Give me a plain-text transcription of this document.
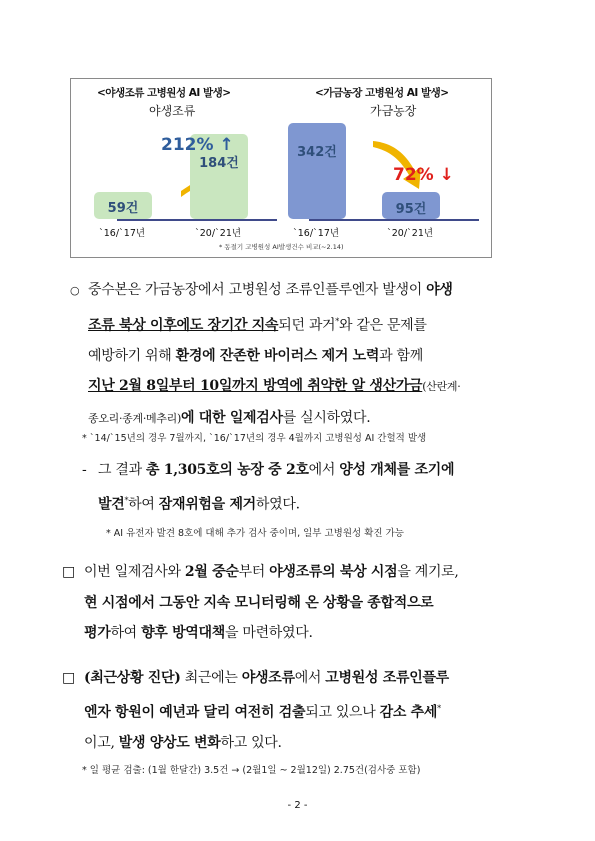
<야생조류 고병원성 AI 발생>
야생조류
<가금농장 고병원성 AI 발생>
가금농장
59건
`16/`17년
184건
`20/`21년
342건
`16/`17년
95건
`20/`21년
212% ↑
72% ↓
* 동절기 고병원성 AI발생건수 비교(~2.14)
○ 중수본은 가금농장에서 고병원성 조류인플루엔자 발생이 야생
조류 북상 이후에도 장기간 지속되던 과거*와 같은 문제를
예방하기 위해 환경에 잔존한 바이러스 제거 노력과 함께
지난 2월 8일부터 10일까지 방역에 취약한 알 생산가금(산란계·
종오리·종계·메추리)에 대한 일제검사를 실시하였다.
* `14/`15년의 경우 7월까지, `16/`17년의 경우 4월까지 고병원성 AI 간헐적 발생
- 그 결과 총 1,305호의 농장 중 2호에서 양성 개체를 조기에
발견*하여 잠재위험을 제거하였다.
* AI 유전자 발견 8호에 대해 추가 검사 중이며, 일부 고병원성 확진 가능
□ 이번 일제검사와 2월 중순부터 야생조류의 북상 시점을 계기로,
현 시점에서 그동안 지속 모니터링해 온 상황을 종합적으로
평가하여 향후 방역대책을 마련하였다.
□ (최근상황 진단) 최근에는 야생조류에서 고병원성 조류인플루
엔자 항원이 예년과 달리 여전히 검출되고 있으나 감소 추세*
이고, 발생 양상도 변화하고 있다.
* 일 평균 검출: (1월 한달간) 3.5건 → (2월1일 ~ 2월12일) 2.75건(검사중 포함)
- 2 -
